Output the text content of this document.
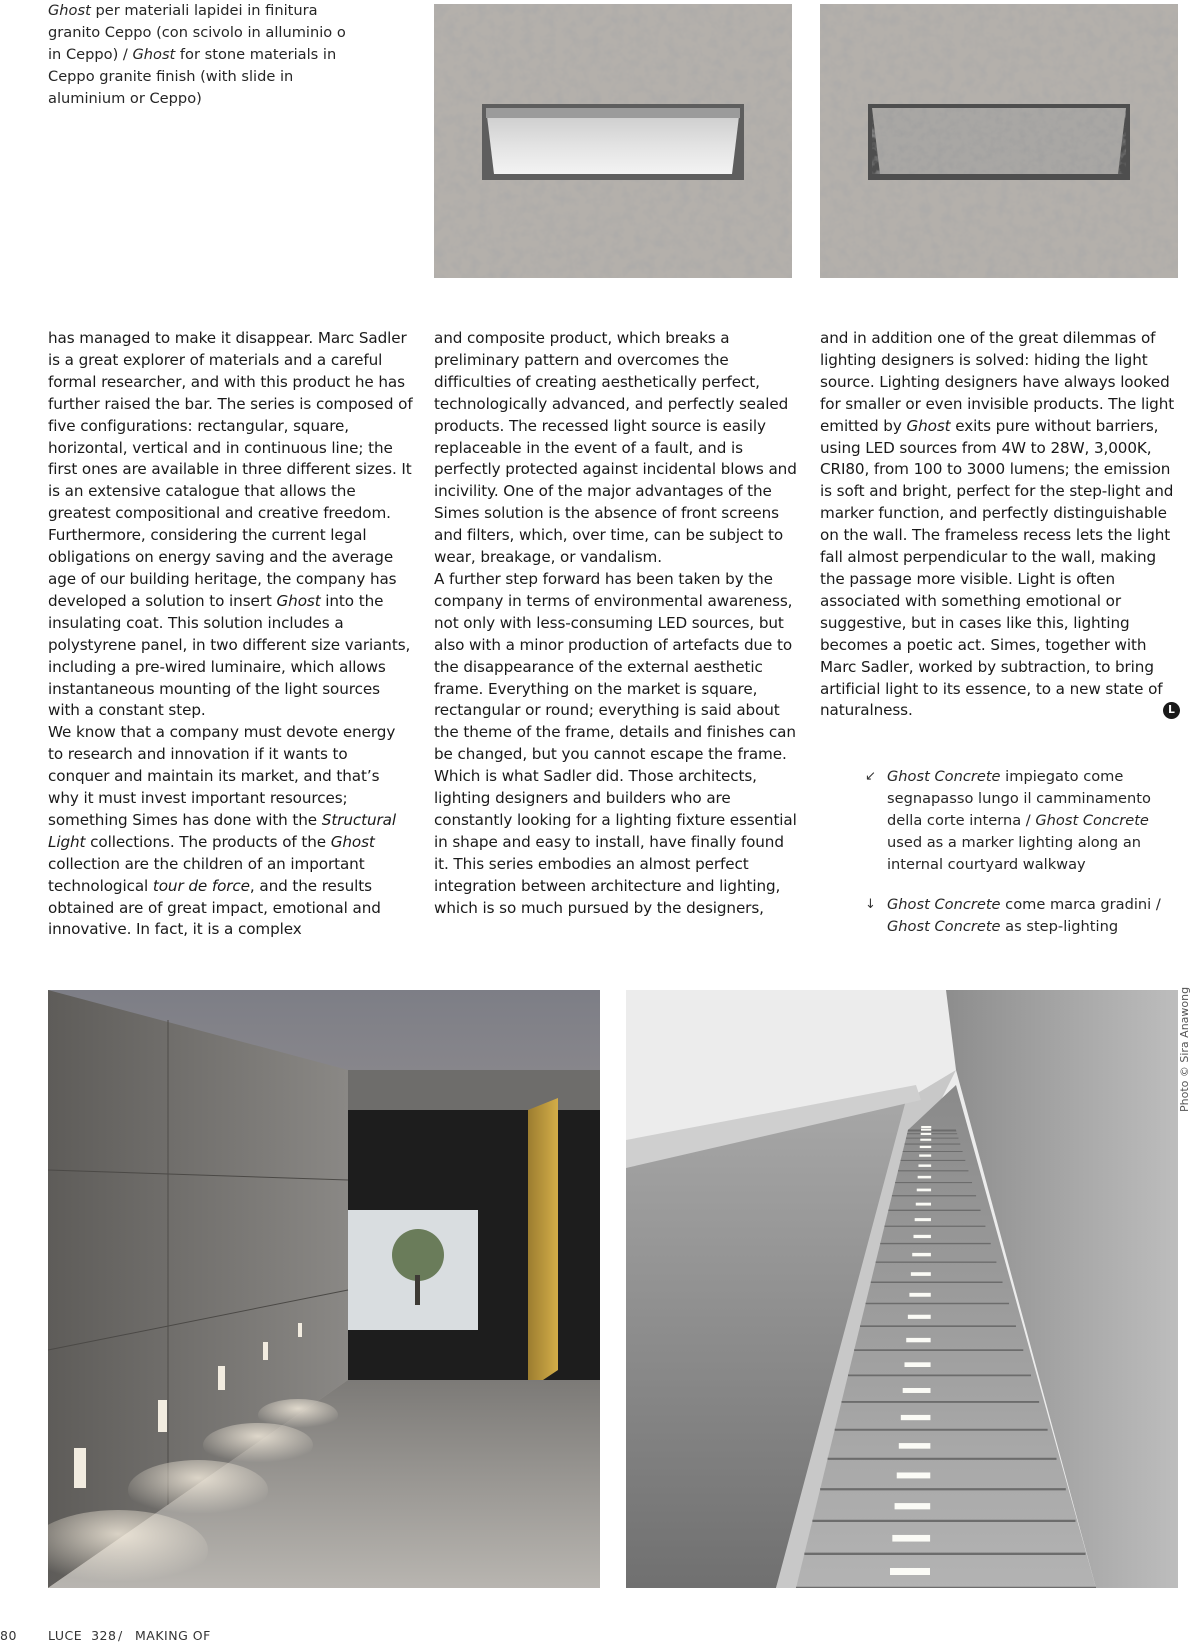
Ghost per materiali lapidei in finitura granito Ceppo (con scivolo in alluminio o in Ceppo) / Ghost for stone materials in Ceppo granite finish (with slide in aluminium or Ceppo)

has managed to make it disappear. Marc Sadler is a great explorer of materials and a careful formal researcher, and with this product he has further raised the bar. The series is composed of five configurations: rectangular, square, horizontal, vertical and in continuous line; the first ones are available in three different sizes. It is an extensive catalogue that allows the greatest compositional and creative freedom. Furthermore, considering the current legal obligations on energy saving and the average age of our building heritage, the company has developed a solution to insert Ghost into the insulating coat. This solution includes a polystyrene panel, in two different size variants, including a pre-wired luminaire, which allows instantaneous mounting of the light sources with a constant step.
We know that a company must devote energy to research and innovation if it wants to conquer and maintain its market, and that’s why it must invest important resources; something Simes has done with the Structural Light collections. The products of the Ghost collection are the children of an important technological tour de force, and the results obtained are of great impact, emotional and innovative. In fact, it is a complex

and composite product, which breaks a preliminary pattern and overcomes the difficulties of creating aesthetically perfect, technologically advanced, and perfectly sealed products. The recessed light source is easily replaceable in the event of a fault, and is perfectly protected against incidental blows and incivility. One of the major advantages of the Simes solution is the absence of front screens and filters, which, over time, can be subject to wear, breakage, or vandalism.
A further step forward has been taken by the company in terms of environmental awareness, not only with less-consuming LED sources, but also with a minor production of artefacts due to the disappearance of the external aesthetic frame. Everything on the market is square, rectangular or round; everything is said about the theme of the frame, details and finishes can be changed, but you cannot escape the frame. Which is what Sadler did. Those architects, lighting designers and builders who are constantly looking for a lighting fixture essential in shape and easy to install, have finally found it. This series embodies an almost perfect integration between architecture and lighting, which is so much pursued by the designers,

and in addition one of the great dilemmas of lighting designers is solved: hiding the light source. Lighting designers have always looked for smaller or even invisible products. The light emitted by Ghost exits pure without barriers, using LED sources from 4W to 28W, 3,000K, CRI80, from 100 to 3000 lumens; the emission is soft and bright, perfect for the step-light and marker function, and perfectly distinguishable on the wall. The frameless recess lets the light fall almost perpendicular to the wall, making the passage more visible. Light is often associated with something emotional or suggestive, but in cases like this, lighting becomes a poetic act. Simes, together with Marc Sadler, worked by subtraction, to bring artificial light to its essence, to a new state of naturalness.	L
↙ Ghost Concrete impiegato come segnapasso lungo il camminamento della corte interna / Ghost Concrete used as a marker lighting along an internal courtyard walkway
↓ Ghost Concrete come marca gradini / Ghost Concrete as step-lighting
Photo © Sira Anawong
80 LUCE  328 / MAKING OF
